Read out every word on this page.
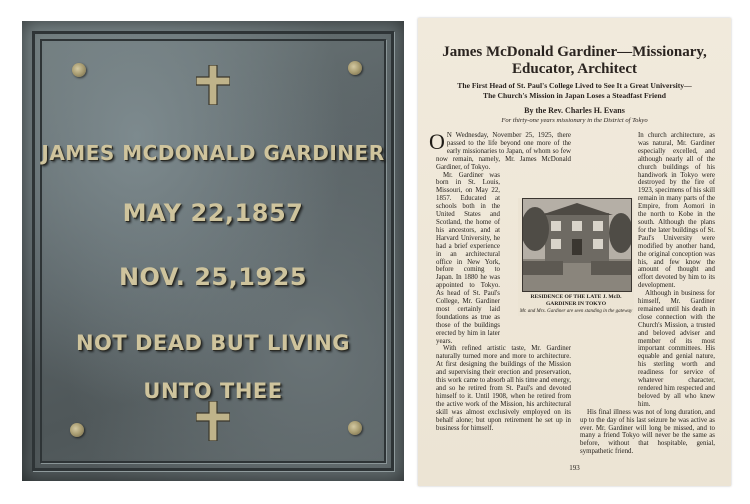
JAMES MCDONALD GARDINER
MAY 22,1857
NOV. 25,1925
NOT DEAD BUT LIVING
UNTO THEE
James McDonald Gardiner—Missionary,
Educator, Architect
The First Head of St. Paul's College Lived to See It a Great University—
The Church's Mission in Japan Loses a Steadfast Friend
By the Rev. Charles H. Evans
For thirty-one years missionary in the District of Tokyo

O N Wednesday, November 25, 1925, there passed to the life beyond one more of the early missionaries to Japan, of whom so few now remain, namely, Mr. James McDonald Gardiner, of Tokyo.

Mr. Gardiner was born in St. Louis, Missouri, on May 22, 1857. Educated at schools both in the United States and Scotland, the home of his ancestors, and at Harvard University, he had a brief experience in an architectural office in New York, before coming to Japan. In 1880 he was appointed to Tokyo. As head of St. Paul's College, Mr. Gardiner most certainly laid foundations as true as those of the buildings erected by him in later years.

With refined artistic taste, Mr. Gardiner naturally turned more and more to architecture. At first designing the buildings of the Mission and supervising their erection and preservation, this work came to absorb all his time and energy, and so he retired from St. Paul's and devoted himself to it. Until 1908, when he retired from the active work of the Mission, his architectural skill was almost exclusively employed on its behalf alone; but upon retirement he set up in business for himself.

In church architecture, as was natural, Mr. Gardiner especially excelled, and although nearly all of the church buildings of his handiwork in Tokyo were destroyed by the fire of 1923, specimens of his skill remain in many parts of the Empire, from Aomori in the north to Kobe in the south. Although the plans for the later buildings of St. Paul's University were modified by another hand, the original conception was his, and few know the amount of thought and effort devoted by him to its development.

Although in business for himself, Mr. Gardiner remained until his death in close connection with the Church's Mission, a trusted and beloved adviser and member of its most important committees. His equable and genial nature, his sterling worth and readiness for service of whatever character, rendered him respected and beloved by all who knew him.

His final illness was not of long duration, and up to the day of his last seizure he was active as ever. Mr. Gardiner will long be missed, and to many a friend Tokyo will never be the same as before, without that hospitable, genial, sympathetic friend.

RESIDENCE OF THE LATE J. McD.
GARDINER IN TOKYO
Mr. and Mrs. Gardiner are seen standing in the gateway
193
